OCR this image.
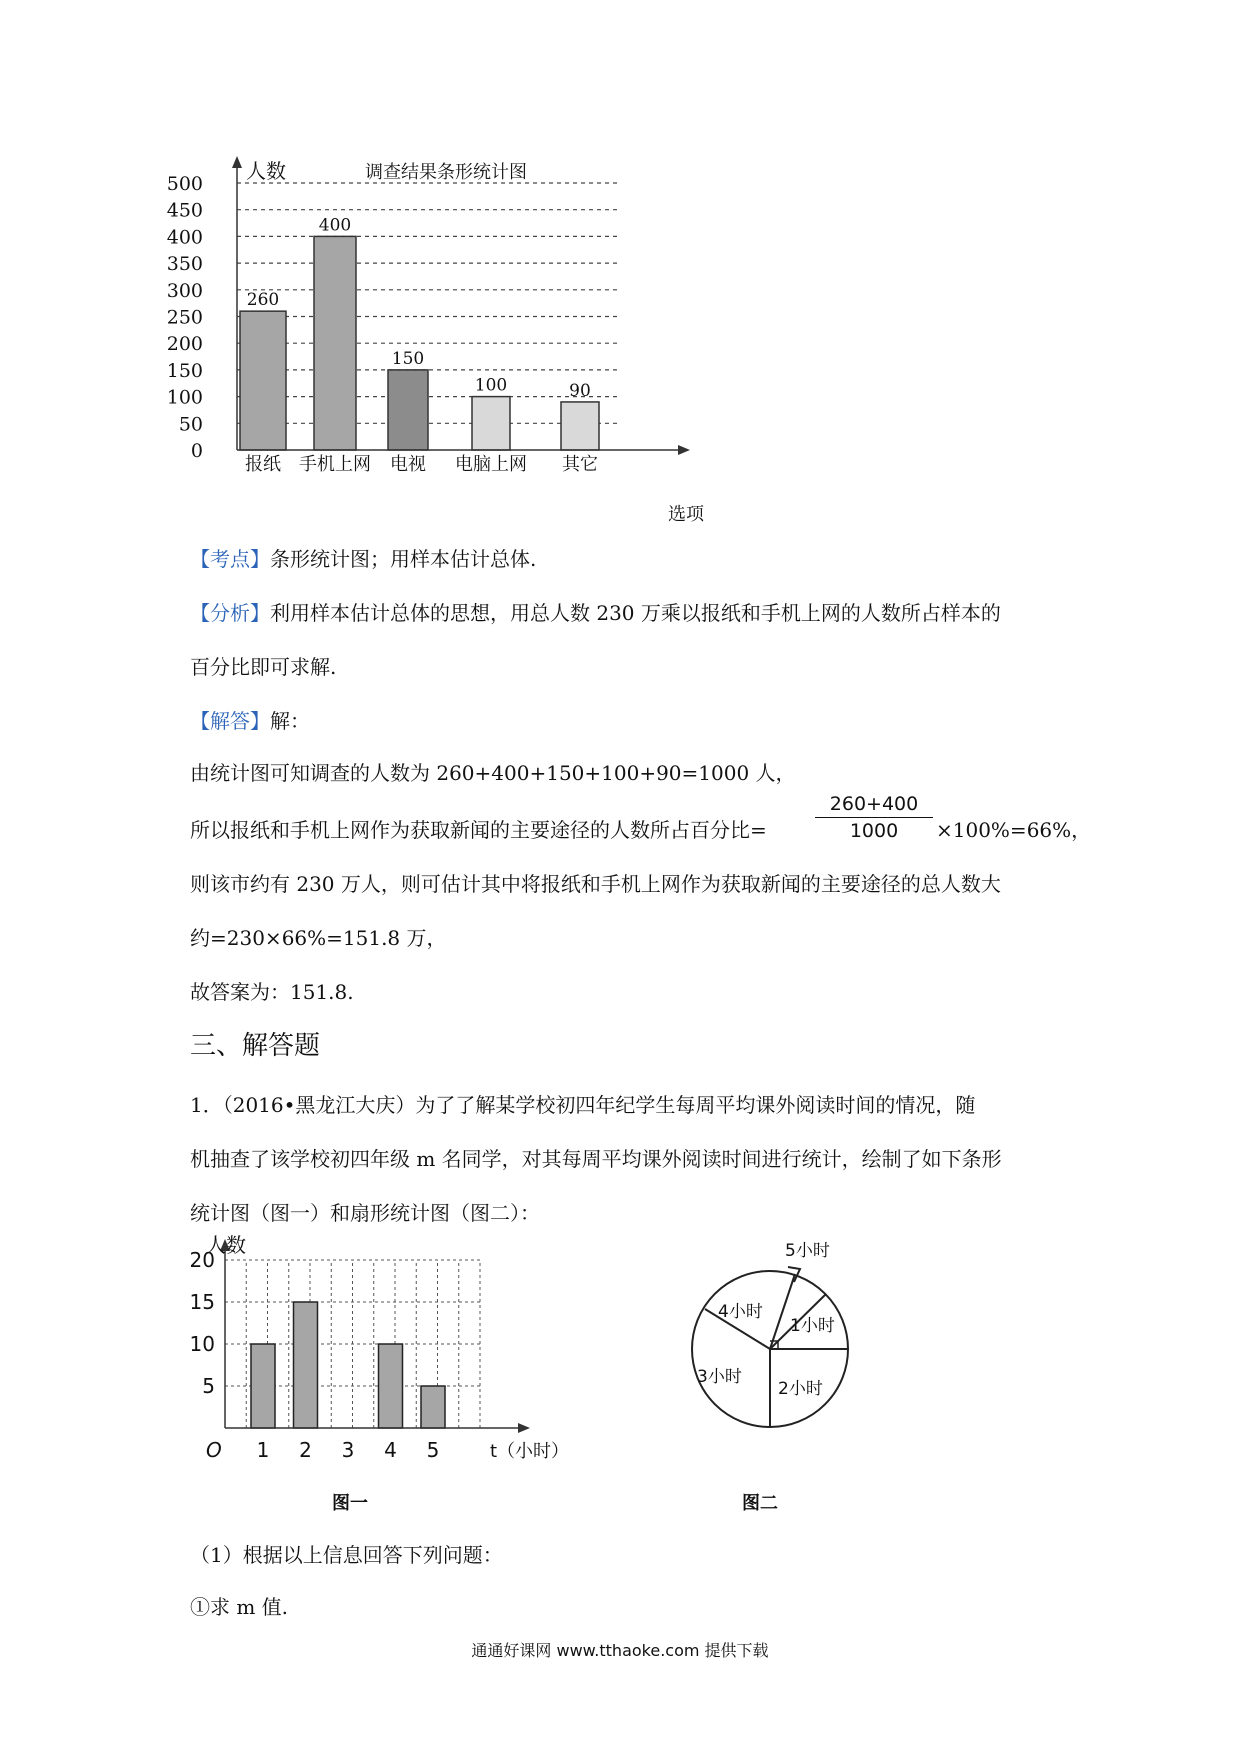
0
50
100
150
200
250
300
350
400
450
500
报纸 手机上网 电视 电脑上网 其它
260
400
150
100	90
人数	调查结果条形统计图
选项
【考点】条形统计图；用样本估计总体.
【分析】利用样本估计总体的思想，用总人数 230 万乘以报纸和手机上网的人数所占样本的
百分比即可求解.
【解答】解：
由统计图可知调查的人数为 260+400+150+100+90=1000 人，
所以报纸和手机上网作为获取新闻的主要途径的人数所占百分比=
260+400
1000	×100%=66%，
则该市约有 230 万人，则可估计其中将报纸和手机上网作为获取新闻的主要途径的总人数大
约=230×66%=151.8 万，
故答案为：151.8.
三、解答题
1．（2016•黑龙江大庆）为了了解某学校初四年纪学生每周平均课外阅读时间的情况，随
机抽查了该学校初四年级 m 名同学，对其每周平均课外阅读时间进行统计，绘制了如下条形
统计图（图一）和扇形统计图（图二）：
5
10
15
20
1 2 3 4 5
人数
O	t（小时）
图一
1小时
2小时
3小时
4小时
5小时
图二
（1）根据以上信息回答下列问题：
①求 m 值.
通通好课网 www.tthaoke.com 提供下载
